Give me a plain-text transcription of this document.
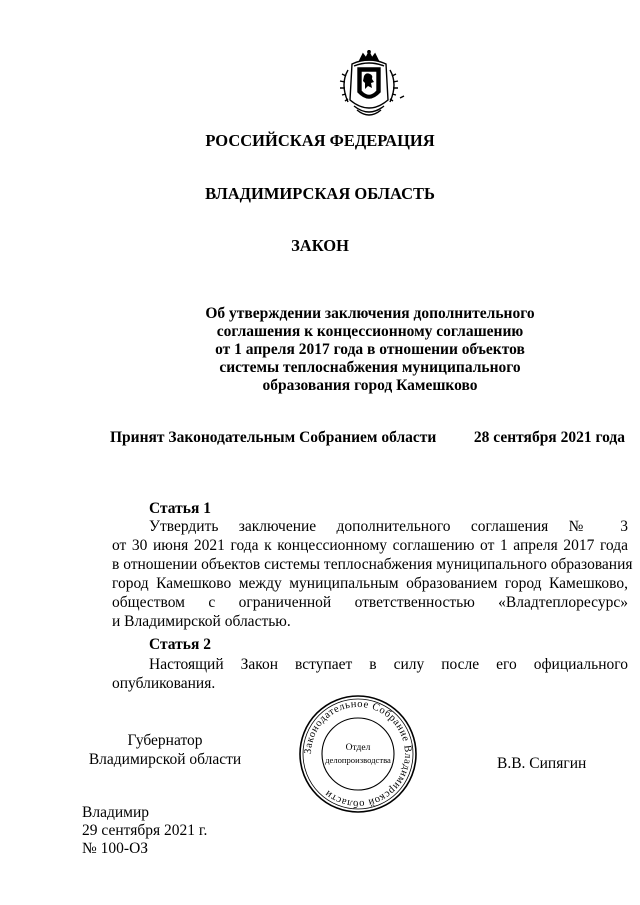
РОССИЙСКАЯ ФЕДЕРАЦИЯ
ВЛАДИМИРСКАЯ ОБЛАСТЬ
ЗАКОН
Об утверждении заключения дополнительного
соглашения к концессионному соглашению
от 1 апреля 2017 года в отношении объектов
системы теплоснабжения муниципального
образования город Камешково
Принят Законодательным Собранием области 28 сентября 2021 года
Статья 1
Утвердить заключение дополнительного соглашения № 3
от 30 июня 2021 года к концессионному соглашению от 1 апреля 2017 года
в отношении объектов системы теплоснабжения муниципального образования
город Камешково между муниципальным образованием город Камешково,
обществом с ограниченной ответственностью «Владтеплоресурс»
и Владимирской областью.
Статья 2
Настоящий Закон вступает в силу после его официального
опубликования.
Губернатор
Владимирской области	В.В. Сипягин
Законодательное Собрание Владимирской области
Отдел
делопроизводства
Владимир
29 сентября 2021 г.
№ 100-ОЗ
